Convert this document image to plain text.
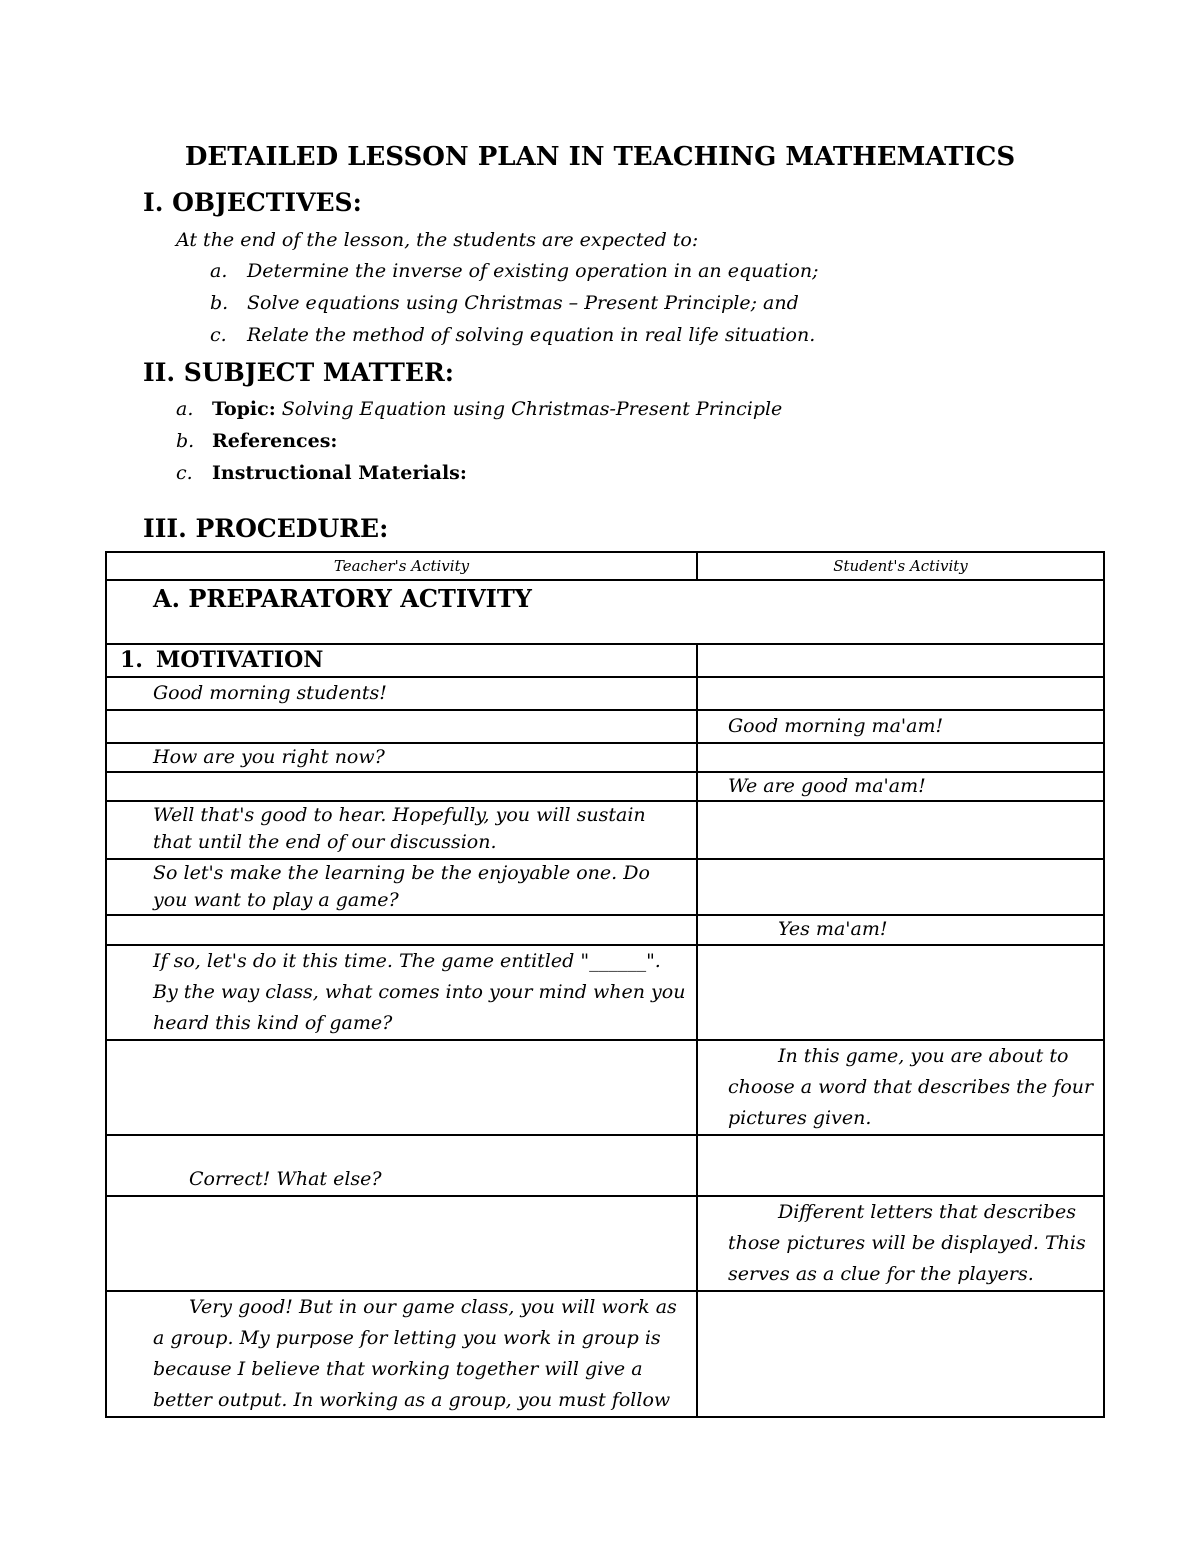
DETAILED LESSON PLAN IN TEACHING MATHEMATICS
I. OBJECTIVES:
At the end of the lesson, the students are expected to:
a. Determine the inverse of existing operation in an equation;
b. Solve equations using Christmas – Present Principle; and
c. Relate the method of solving equation in real life situation.
II. SUBJECT MATTER:
a. Topic: Solving Equation using Christmas-Present Principle
b. References:
c. Instructional Materials:
III. PROCEDURE:
Teacher's Activity	Student's Activity

A. PREPARATORY ACTIVITY	

1. MOTIVATION	

Good morning students!	

	Good morning ma'am!

How are you right now?	

	We are good ma'am!

Well that's good to hear. Hopefully, you will sustain that until the end of our discussion.	

So let's make the learning be the enjoyable one. Do you want to play a game?	

	Yes ma'am!

If so, let's do it this time. The game entitled "______". By the way class, what comes into your mind when you heard this kind of game?	

	In this game, you are about to choose a word that describes the four pictures given.

Correct! What else?	

	Different letters that describes those pictures will be displayed. This serves as a clue for the players.

Very good! But in our game class, you will work as a group. My purpose for letting you work in group is because I believe that working together will give a better output. In working as a group, you must follow	
